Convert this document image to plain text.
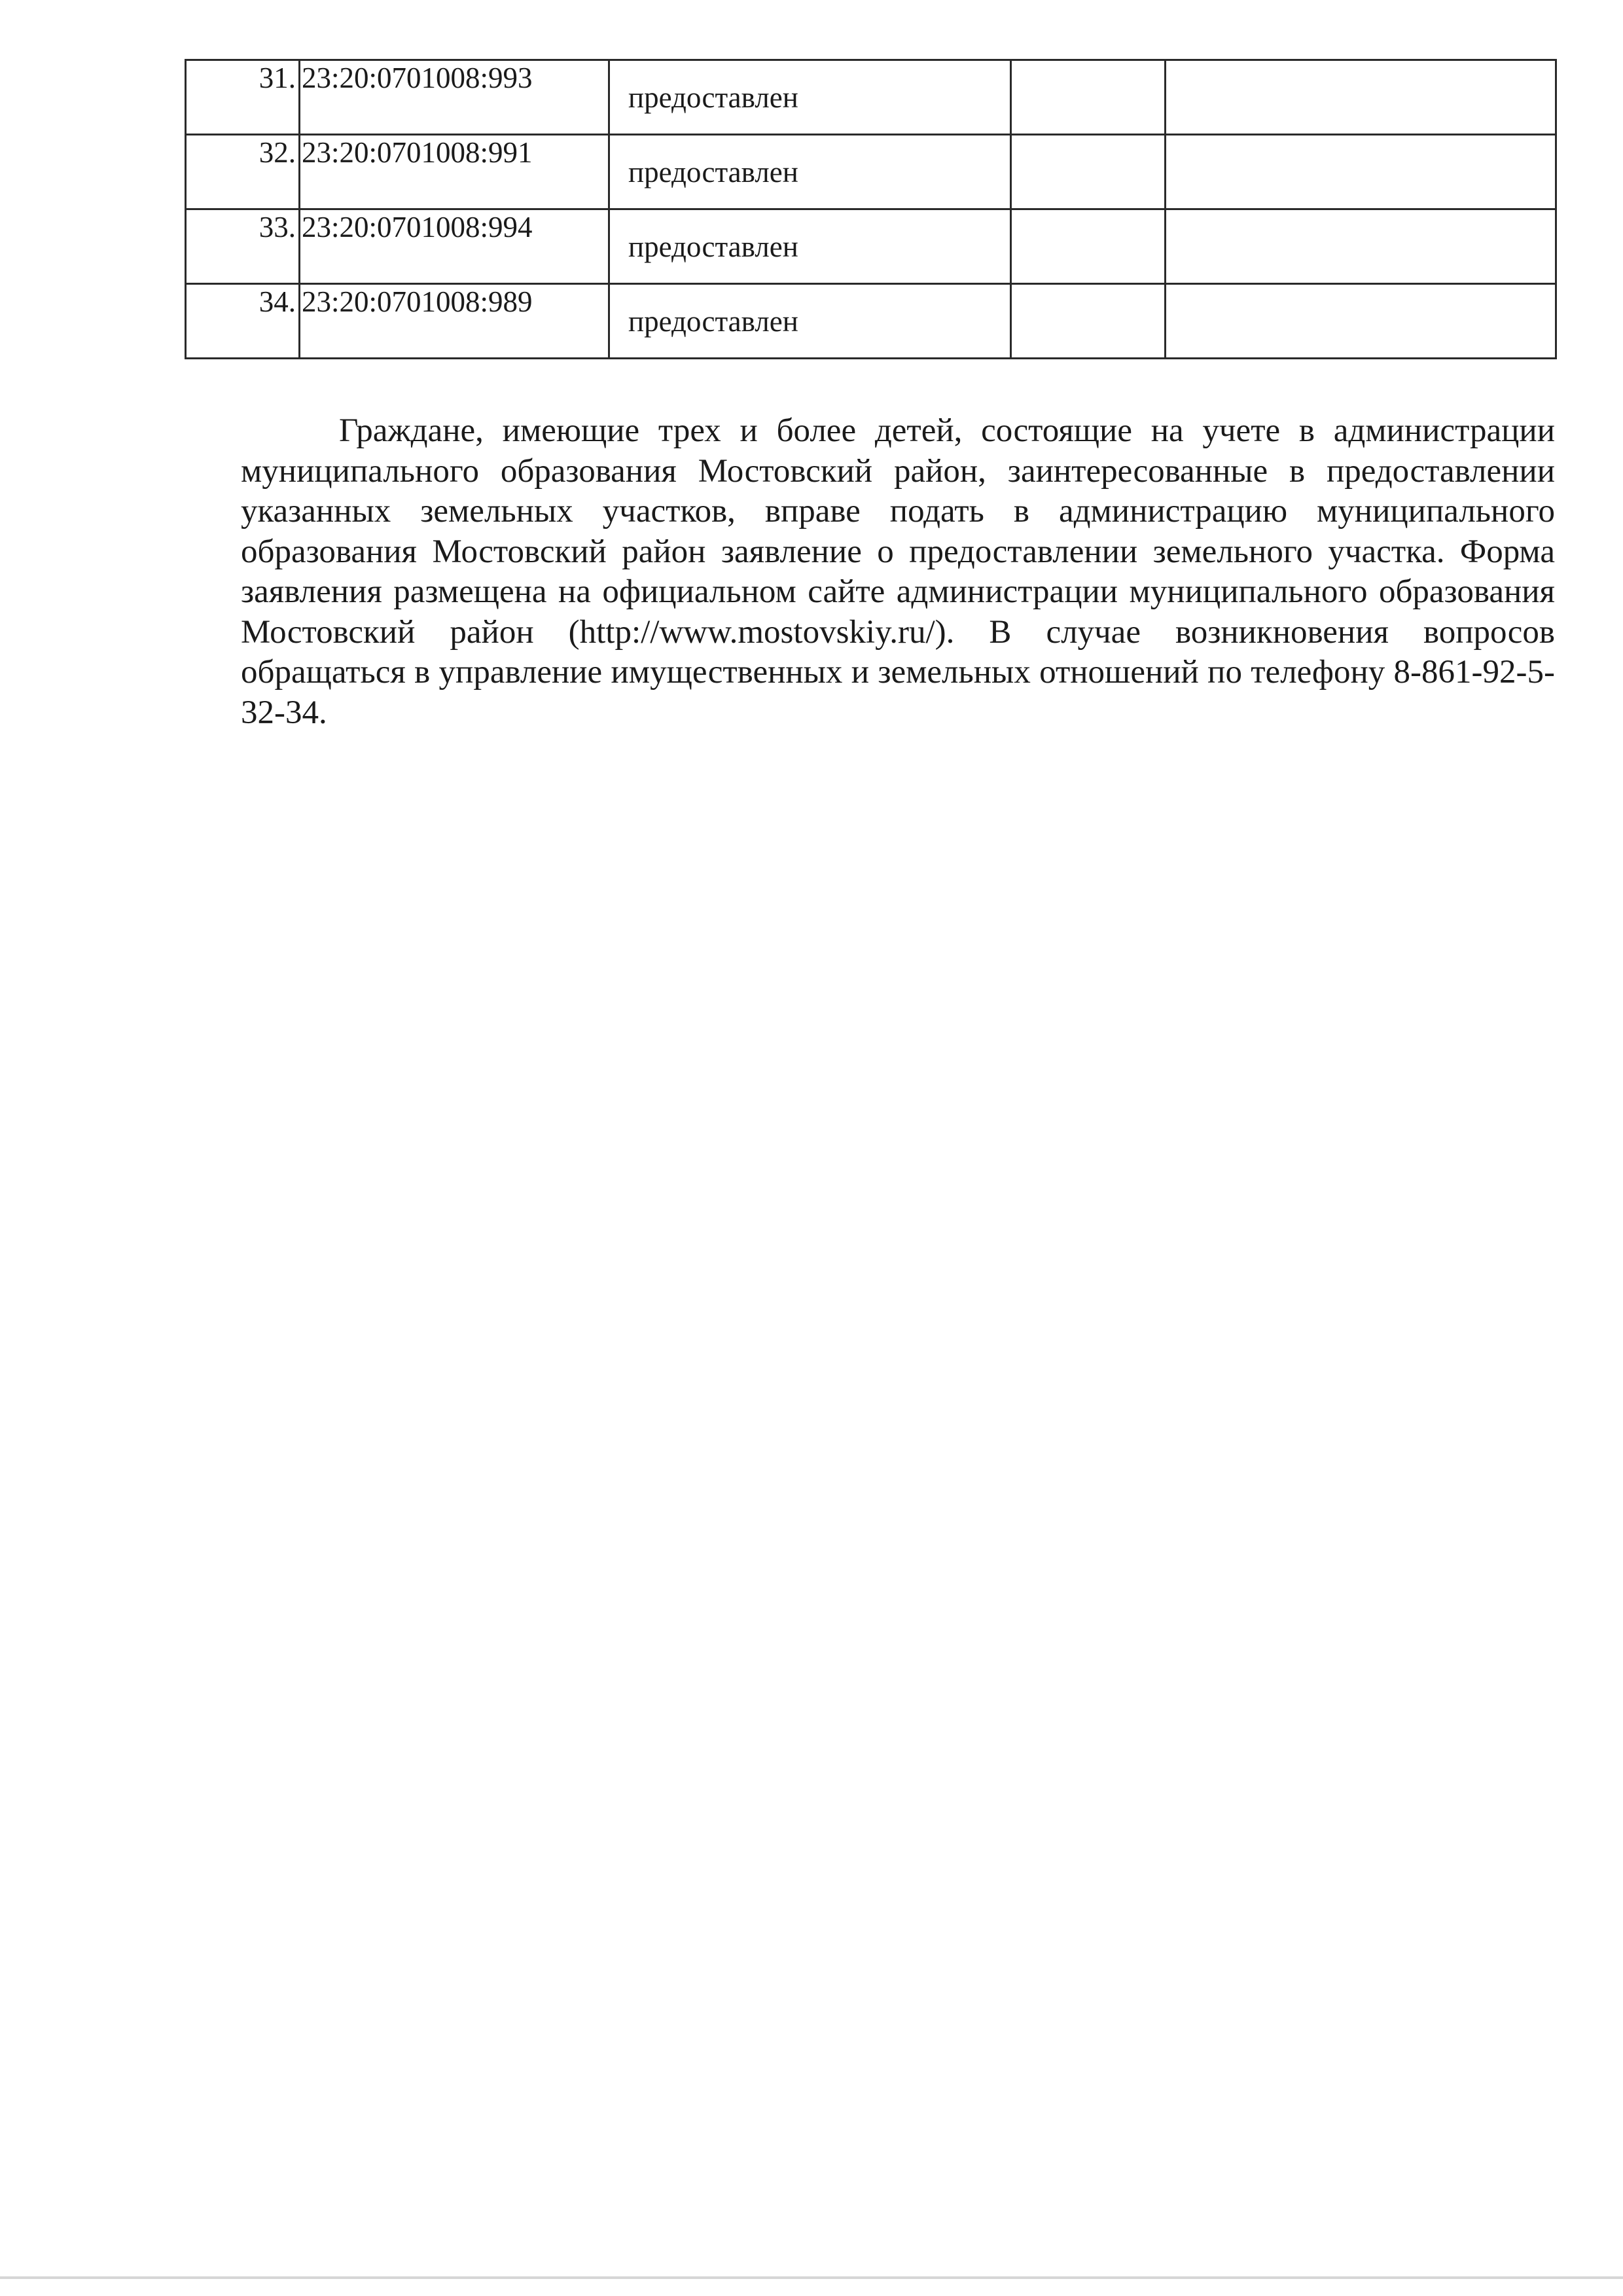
31.	23:20:0701008:993	предоставлен		
32.	23:20:0701008:991	предоставлен		
33.	23:20:0701008:994	предоставлен		
34.	23:20:0701008:989	предоставлен		

Граждане, имеющие трех и более детей, состоящие на учете в администрации муниципального образования Мостовский район, заинтересованные в предоставлении указанных земельных участков, вправе подать в администрацию муниципального образования Мостовский район заявление о предоставлении земельного участка. Форма заявления размещена на официальном сайте администрации муниципального образования Мостовский район (http://www.mostovskiy.ru/). В случае возникновения вопросов обращаться в управление имущественных и земельных отношений по телефону 8-861-92-5-32-34.
